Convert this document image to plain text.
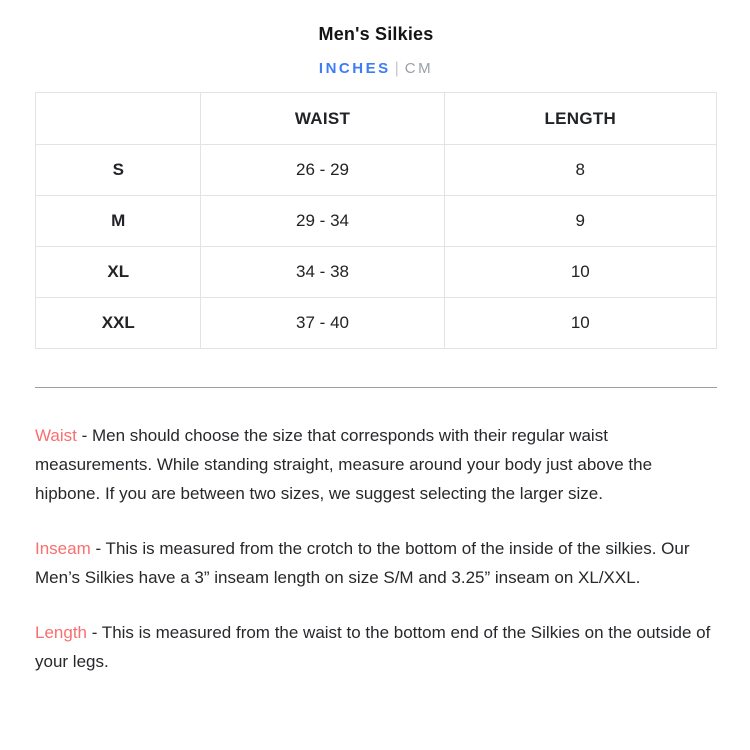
Men's Silkies
INCHES | CM
	WAIST	LENGTH
S	26 - 29	8
M	29 - 34	9
XL	34 - 38	10
XXL	37 - 40	10

Waist - Men should choose the size that corresponds with their regular waist measurements. While standing straight, measure around your body just above the hipbone. If you are between two sizes, we suggest selecting the larger size.

Inseam - This is measured from the crotch to the bottom of the inside of the silkies. Our Men’s Silkies have a 3” inseam length on size S/M and 3.25” inseam on XL/XXL.

Length - This is measured from the waist to the bottom end of the Silkies on the outside of your legs.
